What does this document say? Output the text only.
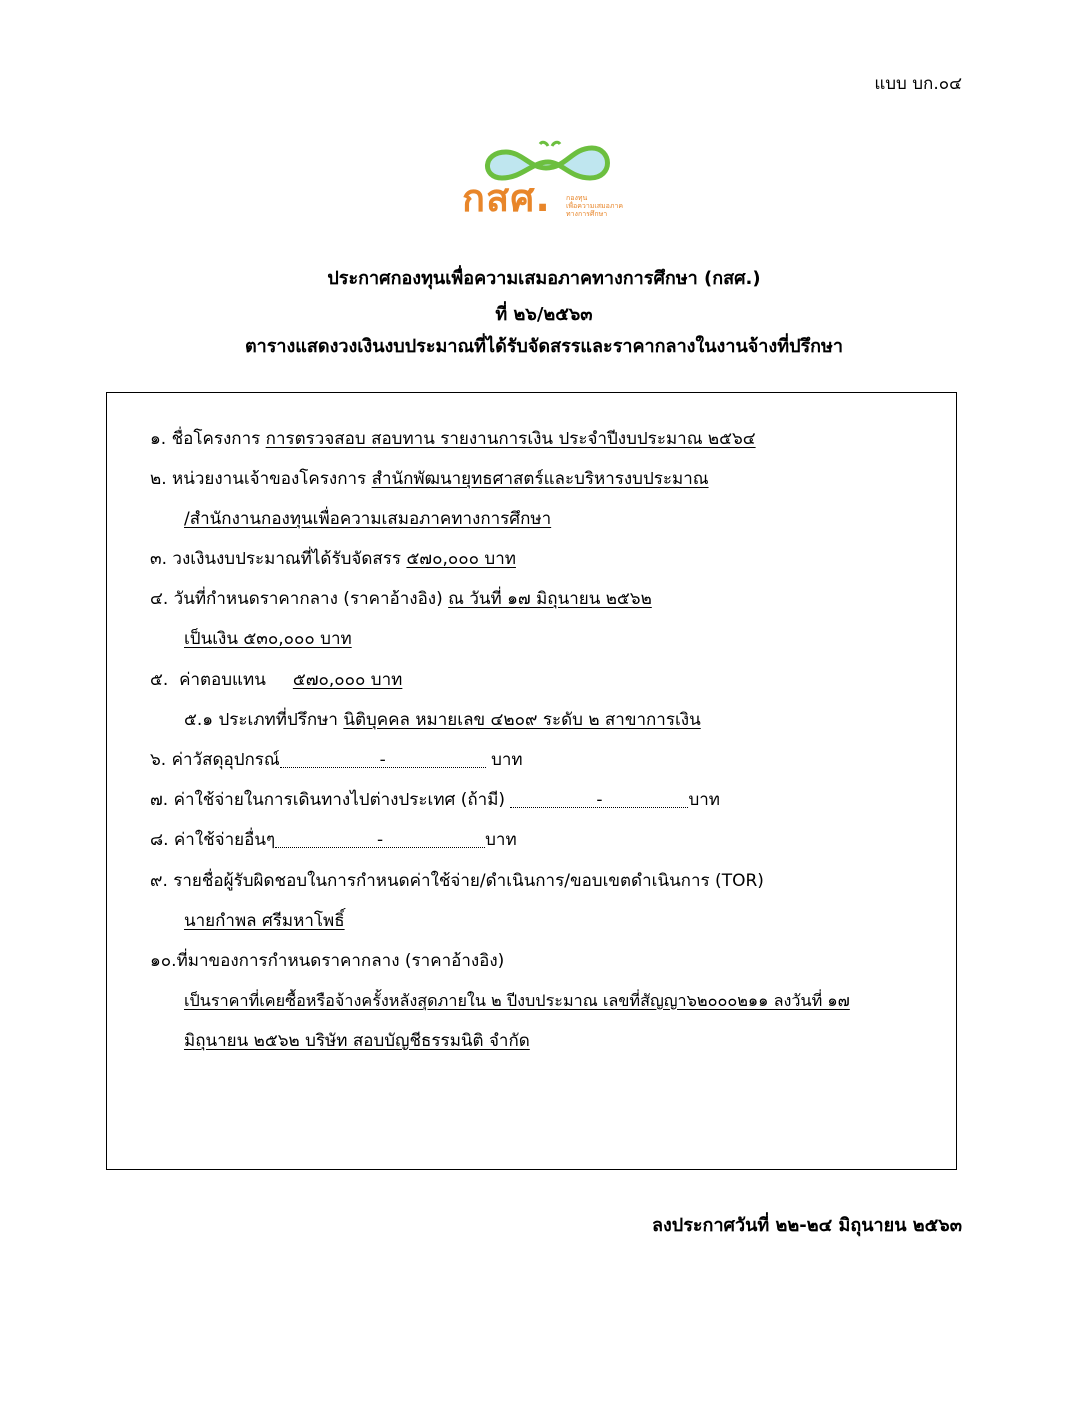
แบบ บก.๐๔
กสศ. กองทุน
เพื่อความเสมอภาค
ทางการศึกษา
ประกาศกองทุนเพื่อความเสมอภาคทางการศึกษา (กสศ.)
ที่ ๒๖/๒๕๖๓
ตารางแสดงวงเงินงบประมาณที่ได้รับจัดสรรและราคากลางในงานจ้างที่ปรึกษา
๑. ชื่อโครงการ การตรวจสอบ สอบทาน รายงานการเงิน ประจำปีงบประมาณ ๒๕๖๔
๒. หน่วยงานเจ้าของโครงการ สำนักพัฒนายุทธศาสตร์และบริหารงบประมาณ
/สำนักงานกองทุนเพื่อความเสมอภาคทางการศึกษา
๓. วงเงินงบประมาณที่ได้รับจัดสรร ๕๗๐,๐๐๐ บาท
๔. วันที่กำหนดราคากลาง (ราคาอ้างอิง) ณ วันที่ ๑๗ มิถุนายน ๒๕๖๒
เป็นเงิน ๕๓๐,๐๐๐ บาท
๕.  ค่าตอบแทน     ๕๗๐,๐๐๐ บาท
๕.๑ ประเภทที่ปรึกษา นิติบุคคล หมายเลข ๔๒๐๙ ระดับ ๒ สาขาการเงิน
๖. ค่าวัสดุอุปกรณ์	-	บาท
๗. ค่าใช้จ่ายในการเดินทางไปต่างประเทศ (ถ้ามี)	-	บาท
๘. ค่าใช้จ่ายอื่นๆ	-	บาท
๙. รายชื่อผู้รับผิดชอบในการกำหนดค่าใช้จ่าย/ดำเนินการ/ขอบเขตดำเนินการ (TOR)
นายกำพล ศรีมหาโพธิ์
๑๐.ที่มาของการกำหนดราคากลาง (ราคาอ้างอิง)
เป็นราคาที่เคยซื้อหรือจ้างครั้งหลังสุดภายใน ๒ ปีงบประมาณ เลขที่สัญญา๖๒๐๐๐๒๑๑ ลงวันที่ ๑๗
มิถุนายน ๒๕๖๒ บริษัท สอบบัญชีธรรมนิติ จำกัด
ลงประกาศวันที่ ๒๒-๒๔ มิถุนายน ๒๕๖๓
